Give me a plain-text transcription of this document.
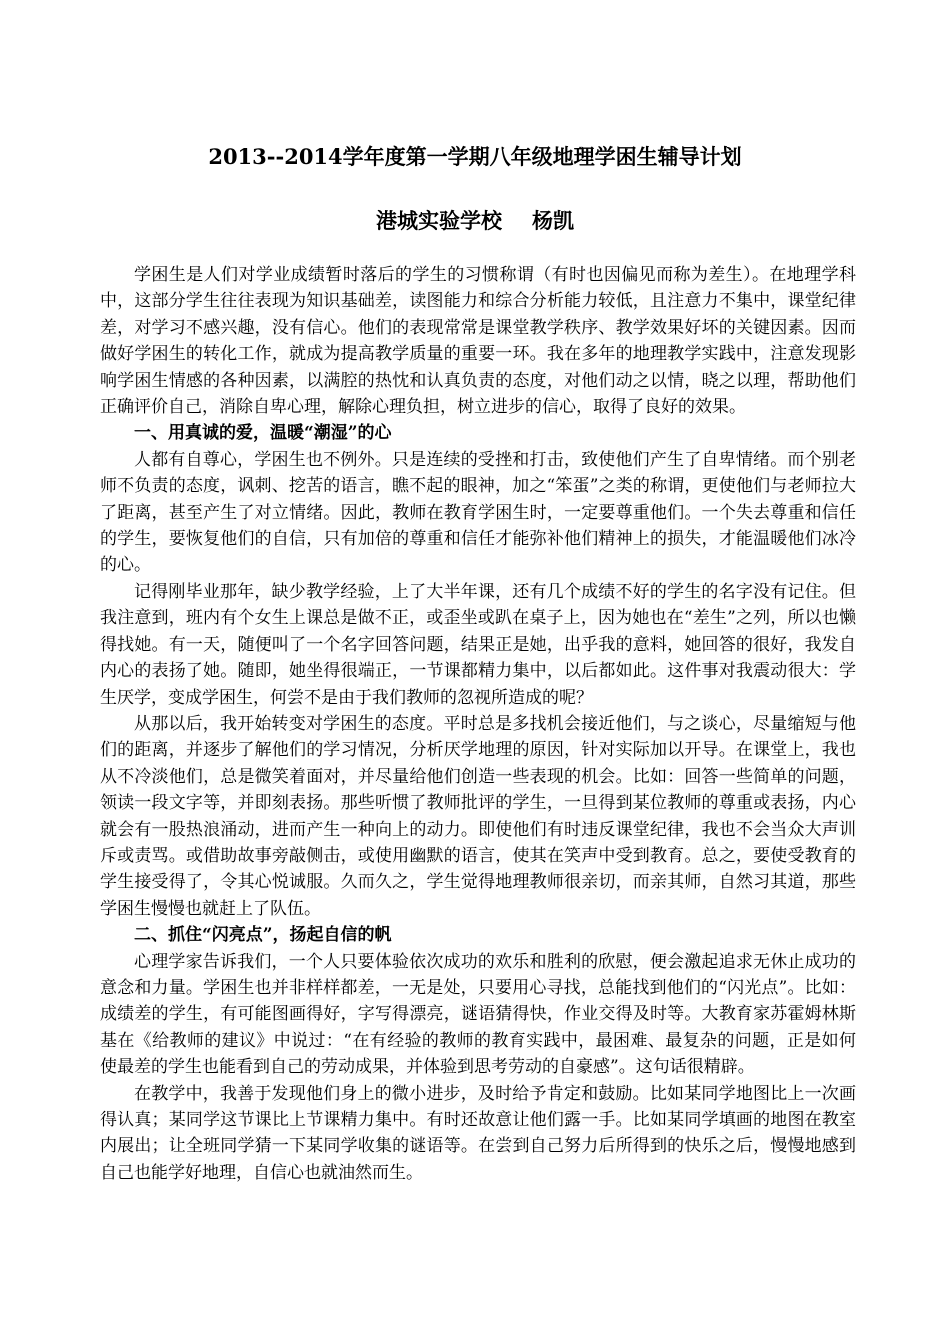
2013--2014学年度第一学期八年级地理学困生辅导计划
港城实验学校 杨凯

学困生是人们对学业成绩暂时落后的学生的习惯称谓（有时也因偏见而称为差生）。在地理学科中，这部分学生往往表现为知识基础差，读图能力和综合分析能力较低，且注意力不集中，课堂纪律差，对学习不感兴趣，没有信心。他们的表现常常是课堂教学秩序、教学效果好坏的关键因素。因而做好学困生的转化工作，就成为提高教学质量的重要一环。我在多年的地理教学实践中，注意发现影响学困生情感的各种因素，以满腔的热忱和认真负责的态度，对他们动之以情，晓之以理，帮助他们正确评价自己，消除自卑心理，解除心理负担，树立进步的信心，取得了良好的效果。

一、用真诚的爱，温暖“潮湿”的心

人都有自尊心，学困生也不例外。只是连续的受挫和打击，致使他们产生了自卑情绪。而个别老师不负责的态度，讽刺、挖苦的语言，瞧不起的眼神，加之“笨蛋”之类的称谓，更使他们与老师拉大了距离，甚至产生了对立情绪。因此，教师在教育学困生时，一定要尊重他们。一个失去尊重和信任的学生，要恢复他们的自信，只有加倍的尊重和信任才能弥补他们精神上的损失，才能温暖他们冰冷的心。

记得刚毕业那年，缺少教学经验，上了大半年课，还有几个成绩不好的学生的名字没有记住。但我注意到，班内有个女生上课总是做不正，或歪坐或趴在桌子上，因为她也在“差生”之列，所以也懒得找她。有一天，随便叫了一个名字回答问题，结果正是她，出乎我的意料，她回答的很好，我发自内心的表扬了她。随即，她坐得很端正，一节课都精力集中，以后都如此。这件事对我震动很大：学生厌学，变成学困生，何尝不是由于我们教师的忽视所造成的呢？

从那以后，我开始转变对学困生的态度。平时总是多找机会接近他们，与之谈心，尽量缩短与他们的距离，并逐步了解他们的学习情况，分析厌学地理的原因，针对实际加以开导。在课堂上，我也从不冷淡他们，总是微笑着面对，并尽量给他们创造一些表现的机会。比如：回答一些简单的问题，领读一段文字等，并即刻表扬。那些听惯了教师批评的学生，一旦得到某位教师的尊重或表扬，内心就会有一股热浪涌动，进而产生一种向上的动力。即使他们有时违反课堂纪律，我也不会当众大声训斥或责骂。或借助故事旁敲侧击，或使用幽默的语言，使其在笑声中受到教育。总之，要使受教育的学生接受得了，令其心悦诚服。久而久之，学生觉得地理教师很亲切，而亲其师，自然习其道，那些学困生慢慢也就赶上了队伍。

二、抓住“闪亮点”，扬起自信的帆

心理学家告诉我们，一个人只要体验依次成功的欢乐和胜利的欣慰，便会激起追求无休止成功的意念和力量。学困生也并非样样都差，一无是处，只要用心寻找，总能找到他们的“闪光点”。比如：成绩差的学生，有可能图画得好，字写得漂亮，谜语猜得快，作业交得及时等。大教育家苏霍姆林斯基在《给教师的建议》中说过：“在有经验的教师的教育实践中，最困难、最复杂的问题，正是如何使最差的学生也能看到自己的劳动成果，并体验到思考劳动的自豪感”。这句话很精辟。

在教学中，我善于发现他们身上的微小进步，及时给予肯定和鼓励。比如某同学地图比上一次画得认真；某同学这节课比上节课精力集中。有时还故意让他们露一手。比如某同学填画的地图在教室内展出；让全班同学猜一下某同学收集的谜语等。在尝到自己努力后所得到的快乐之后，慢慢地感到自己也能学好地理，自信心也就油然而生。
